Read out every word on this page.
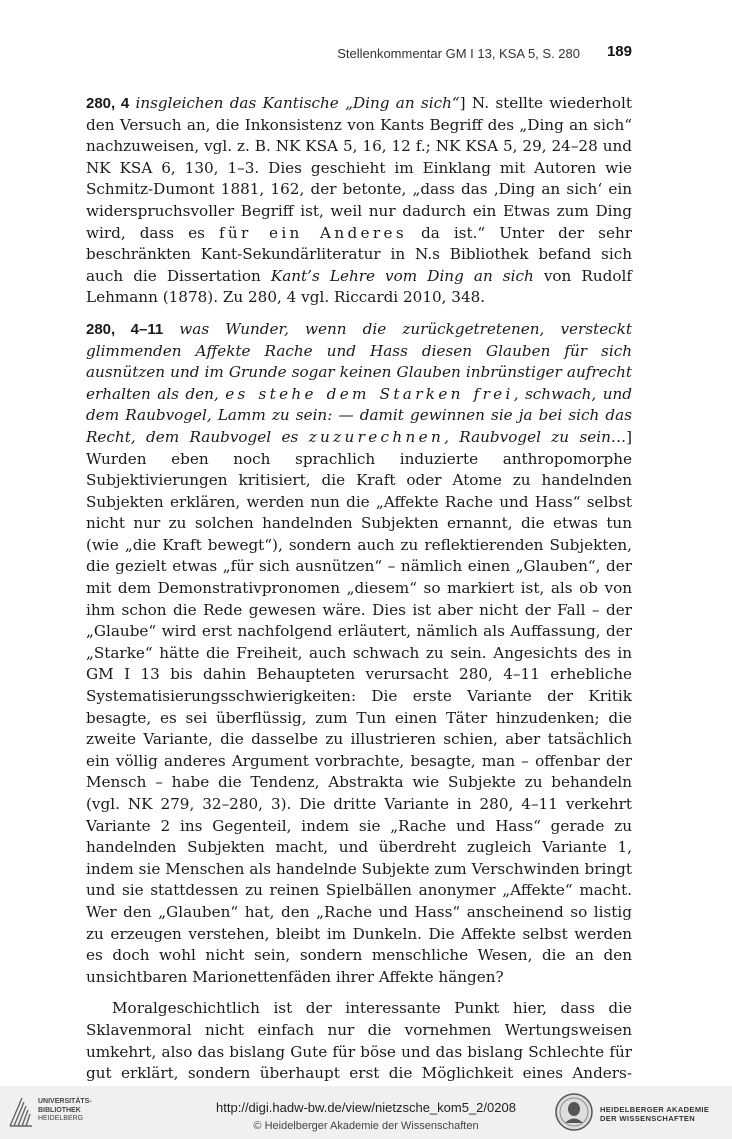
Stellenkommentar GM I 13, KSA 5, S. 280 189

280, 4 insgleichen das Kantische „Ding an sich“] N. stellte wiederholt den Versuch an, die Inkonsistenz von Kants Begriff des „Ding an sich“ nachzuweisen, vgl. z. B. NK KSA 5, 16, 12 f.; NK KSA 5, 29, 24–28 und NK KSA 6, 130, 1–3. Dies geschieht im Einklang mit Autoren wie Schmitz-Dumont 1881, 162, der betonte, „dass das ‚Ding an sich‘ ein widerspruchsvoller Begriff ist, weil nur dadurch ein Etwas zum Ding wird, dass es für ein Anderes da ist.“ Unter der sehr beschränkten Kant-Sekundärliteratur in N.s Bibliothek befand sich auch die Dissertation Kant’s Lehre vom Ding an sich von Rudolf Lehmann (1878). Zu 280, 4 vgl. Riccardi 2010, 348.

280, 4–11 was Wunder, wenn die zurückgetretenen, versteckt glimmenden Affekte Rache und Hass diesen Glauben für sich ausnützen und im Grunde sogar keinen Glauben inbrünstiger aufrecht erhalten als den, es stehe dem Starken frei, schwach, und dem Raubvogel, Lamm zu sein: — damit gewinnen sie ja bei sich das Recht, dem Raubvogel es zuzurechnen, Raubvogel zu sein…] Wurden eben noch sprachlich induzierte anthropomorphe Subjektivierungen kritisiert, die Kraft oder Atome zu handelnden Subjekten erklären, werden nun die „Affekte Rache und Hass“ selbst nicht nur zu solchen handelnden Subjekten ernannt, die etwas tun (wie „die Kraft bewegt“), sondern auch zu reflektierenden Subjekten, die gezielt etwas „für sich ausnützen“ – nämlich einen „Glauben“, der mit dem Demonstrativpronomen „diesem“ so markiert ist, als ob von ihm schon die Rede gewesen wäre. Dies ist aber nicht der Fall – der „Glaube“ wird erst nachfolgend erläutert, nämlich als Auffassung, der „Starke“ hätte die Freiheit, auch schwach zu sein. Angesichts des in GM I 13 bis dahin Behaupteten verursacht 280, 4–11 erhebliche Systematisierungsschwierigkeiten: Die erste Variante der Kritik besagte, es sei überflüssig, zum Tun einen Täter hinzudenken; die zweite Variante, die dasselbe zu illustrieren schien, aber tatsächlich ein völlig anderes Argument vorbrachte, besagte, man – offenbar der Mensch – habe die Tendenz, Abstrakta wie Subjekte zu behandeln (vgl. NK 279, 32–280, 3). Die dritte Variante in 280, 4–11 verkehrt Variante 2 ins Gegenteil, indem sie „Rache und Hass“ gerade zu handelnden Subjekten macht, und überdreht zugleich Variante 1, indem sie Menschen als handelnde Subjekte zum Verschwinden bringt und sie stattdessen zu reinen Spielbällen anonymer „Affekte“ macht. Wer den „Glauben“ hat, den „Rache und Hass“ anscheinend so listig zu erzeugen verstehen, bleibt im Dunkeln. Die Affekte selbst werden es doch wohl nicht sein, sondern menschliche Wesen, die an den unsichtbaren Marionettenfäden ihrer Affekte hängen?

Moralgeschichtlich ist der interessante Punkt hier, dass die Sklavenmoral nicht einfach nur die vornehmen Wertungsweisen umkehrt, also das bislang Gute für böse und das bislang Schlechte für gut erklärt, sondern überhaupt erst die Möglichkeit eines Anders-

UNIVERSITÄTS-
BIBLIOTHEK
HEIDELBERG
http://digi.hadw-bw.de/view/nietzsche_kom5_2/0208
© Heidelberger Akademie der Wissenschaften
HEIDELBERGER AKADEMIE
DER WISSENSCHAFTEN
